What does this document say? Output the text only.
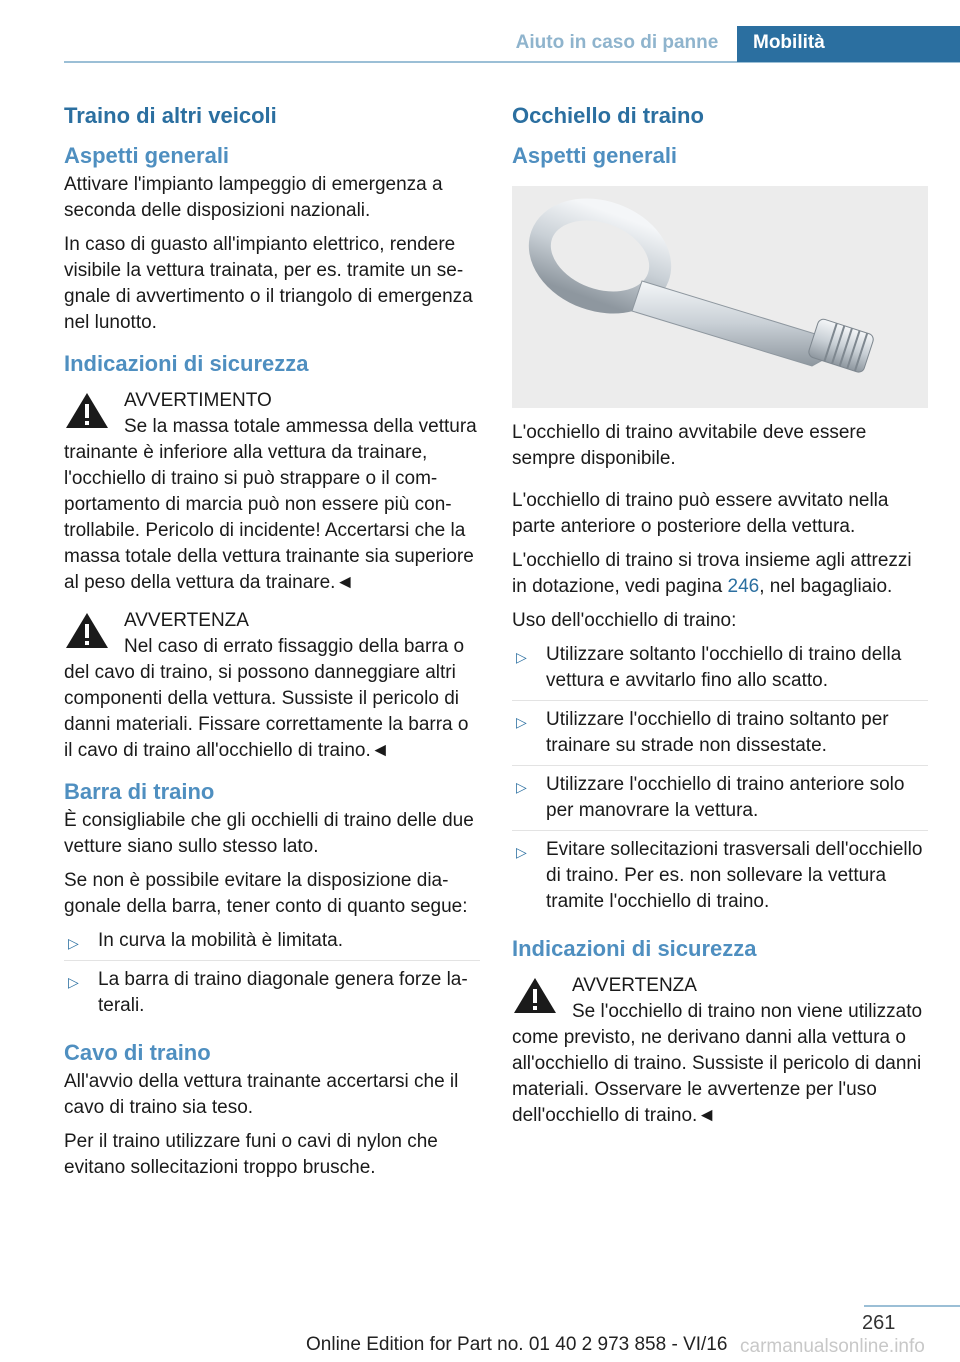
Aiuto in caso di panne	Mobilità
Traino di altri veicoli
Aspetti generali

Attivare l'impianto lampeggio di emergenza a seconda delle disposizioni nazionali.

In caso di guasto all'impianto elettrico, rendere visibile la vettura trainata, per es. tramite un segnale di avvertimento o il triangolo di emergenza nel lunotto.

Indicazioni di sicurezza
AVVERTIMENTO
Se la massa totale ammessa della vettura trainante è inferiore alla vettura da trainare, l'occhiello di traino si può strappare o il comportamento di marcia può non essere più controllabile. Pericolo di incidente! Accertarsi che la massa totale della vettura trainante sia superiore al peso della vettura da trainare.◄
AVVERTENZA
Nel caso di errato fissaggio della barra o del cavo di traino, si possono danneggiare altri componenti della vettura. Sussiste il pericolo di danni materiali. Fissare correttamente la barra o il cavo di traino all'occhiello di traino.◄
Barra di traino

È consigliabile che gli occhielli di traino delle due vetture siano sullo stesso lato.

Se non è possibile evitare la disposizione diagonale della barra, tener conto di quanto segue:

▷ In curva la mobilità è limitata.
▷ La barra di traino diagonale genera forze laterali.
Cavo di traino

All'avvio della vettura trainante accertarsi che il cavo di traino sia teso.

Per il traino utilizzare funi o cavi di nylon che evitano sollecitazioni troppo brusche.

Occhiello di traino
Aspetti generali

L'occhiello di traino avvitabile deve essere sempre disponibile.

L'occhiello di traino può essere avvitato nella parte anteriore o posteriore della vettura.

L'occhiello di traino si trova insieme agli attrezzi in dotazione, vedi pagina 246, nel bagagliaio.

Uso dell'occhiello di traino:

▷ Utilizzare soltanto l'occhiello di traino della vettura e avvitarlo fino allo scatto.
▷ Utilizzare l'occhiello di traino soltanto per trainare su strade non dissestate.
▷ Utilizzare l'occhiello di traino anteriore solo per manovrare la vettura.
▷ Evitare sollecitazioni trasversali dell'occhiello di traino. Per es. non sollevare la vettura tramite l'occhiello di traino.
Indicazioni di sicurezza
AVVERTENZA
Se l'occhiello di traino non viene utilizzato come previsto, ne derivano danni alla vettura o all'occhiello di traino. Sussiste il pericolo di danni materiali. Osservare le avvertenze per l'uso dell'occhiello di traino.◄
261
Online Edition for Part no. 01 40 2 973 858 - VI/16 carmanualsonline.info
